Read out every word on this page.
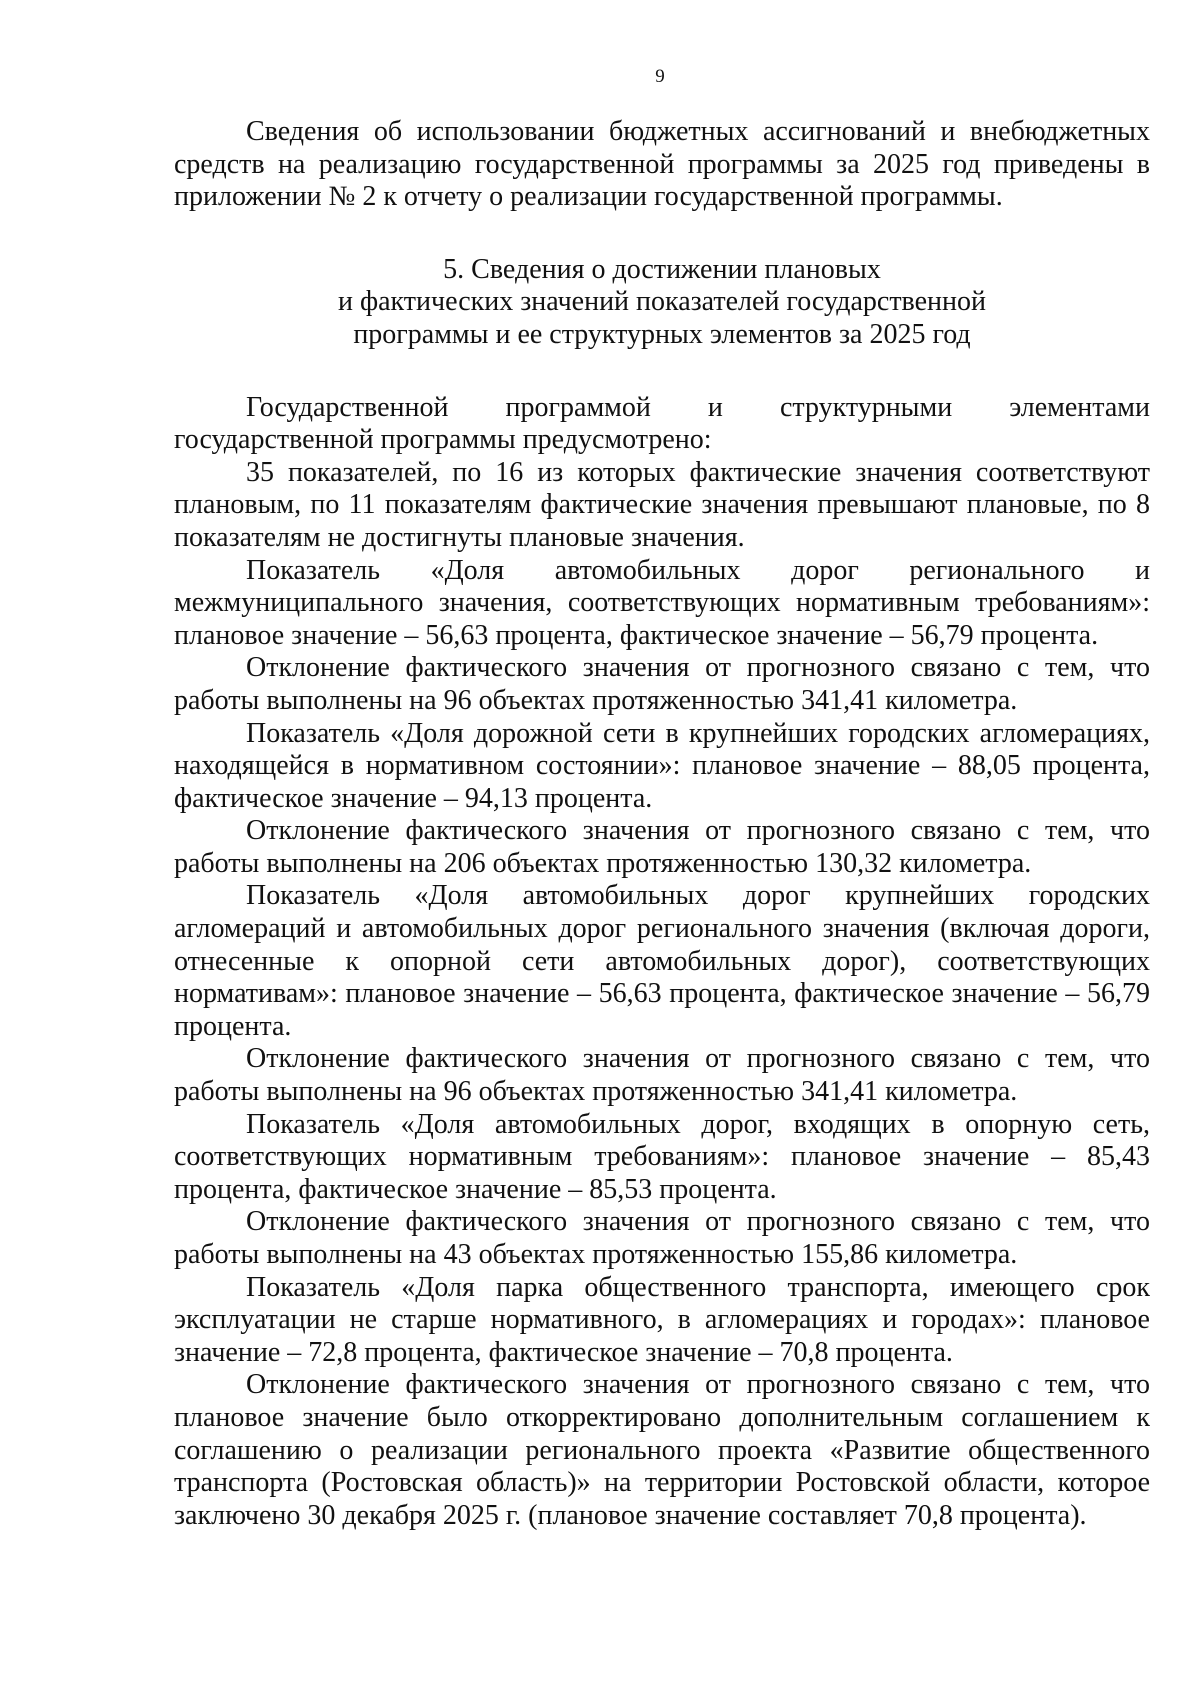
9

Сведения об использовании бюджетных ассигнований и внебюджетных средств на реализацию государственной программы за 2025 год приведены в приложении № 2 к отчету о реализации государственной программы.

5. Сведения о достижении плановых
и фактических значений показателей государственной
программы и ее структурных элементов за 2025 год

Государственной программой и структурными элементами государственной программы предусмотрено:

35 показателей, по 16 из которых фактические значения соответствуют плановым, по 11 показателям фактические значения превышают плановые, по 8 показателям не достигнуты плановые значения.

Показатель «Доля автомобильных дорог регионального и межмуниципального значения, соответствующих нормативным требованиям»: плановое значение – 56,63 процента, фактическое значение – 56,79 процента.

Отклонение фактического значения от прогнозного связано с тем, что работы выполнены на 96 объектах протяженностью 341,41 километра.

Показатель «Доля дорожной сети в крупнейших городских агломерациях, находящейся в нормативном состоянии»: плановое значение – 88,05 процента, фактическое значение – 94,13 процента.

Отклонение фактического значения от прогнозного связано с тем, что работы выполнены на 206 объектах протяженностью 130,32 километра.

Показатель «Доля автомобильных дорог крупнейших городских агломераций и автомобильных дорог регионального значения (включая дороги, отнесенные к опорной сети автомобильных дорог), соответствующих нормативам»: плановое значение – 56,63 процента, фактическое значение – 56,79 процента.

Отклонение фактического значения от прогнозного связано с тем, что работы выполнены на 96 объектах протяженностью 341,41 километра.

Показатель «Доля автомобильных дорог, входящих в опорную сеть, соответствующих нормативным требованиям»: плановое значение – 85,43 процента, фактическое значение – 85,53 процента.

Отклонение фактического значения от прогнозного связано с тем, что работы выполнены на 43 объектах протяженностью 155,86 километра.

Показатель «Доля парка общественного транспорта, имеющего срок эксплуатации не старше нормативного, в агломерациях и городах»: плановое значение – 72,8 процента, фактическое значение – 70,8 процента.

Отклонение фактического значения от прогнозного связано с тем, что плановое значение было откорректировано дополнительным соглашением к соглашению о реализации регионального проекта «Развитие общественного транспорта (Ростовская область)» на территории Ростовской области, которое заключено 30 декабря 2025 г. (плановое значение составляет 70,8 процента).
